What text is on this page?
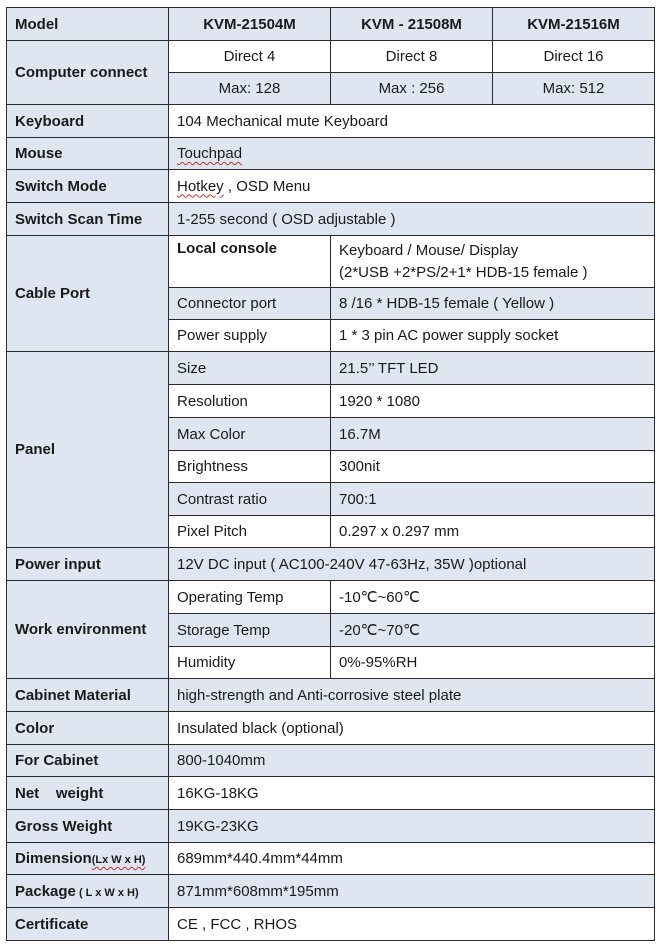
Model	KVM-21504M	KVM - 21508M	KVM-21516M
Computer connect	Direct 4	Direct 8	Direct 16
	Max: 128	Max : 256	Max: 512
Keyboard	104 Mechanical mute Keyboard		
Mouse	Touchpad		
Switch Mode	Hotkey , OSD Menu		
Switch Scan Time	1-255 second ( OSD adjustable )		
Cable Port	Local console	Keyboard / Mouse/ Display
(2*USB +2*PS/2+1* HDB-15 female )	

	Connector port	8 /16 * HDB-15 female ( Yellow )	
	Power supply	1 * 3 pin AC power supply socket	
Panel	Size	21.5’’ TFT LED	
	Resolution	1920 * 1080	
	Max Color	16.7M	
	Brightness	300nit	
	Contrast ratio	700:1	
	Pixel Pitch	0.297 x 0.297 mm	
Power input	12V DC input ( AC100-240V 47-63Hz, 35W )optional		
Work environment	Operating Temp	-10℃~60℃	
	Storage Temp	-20℃~70℃	
	Humidity	0%-95%RH	
Cabinet Material	high-strength and Anti-corrosive steel plate		
Color	Insulated black (optional)		
For Cabinet	800-1040mm		
Net    weight	16KG-18KG		
Gross Weight	19KG-23KG		
Dimension(Lx W x H)	689mm*440.4mm*44mm		
Package ( L x W x H)	871mm*608mm*195mm		
Certificate	CE , FCC , RHOS		
